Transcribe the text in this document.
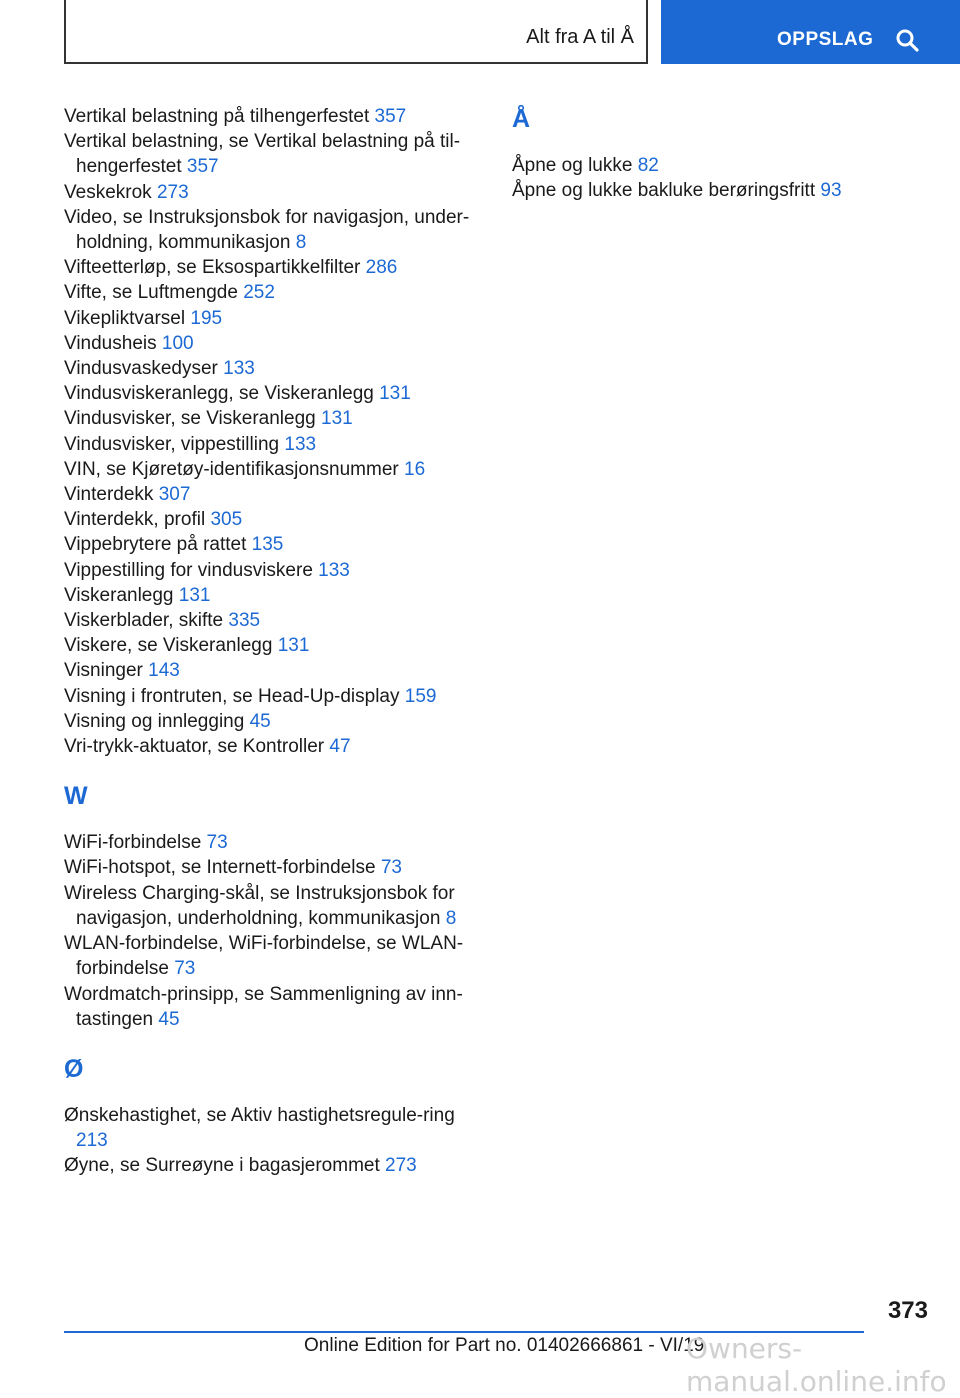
Alt fra A til Å	OPPSLAG
Vertikal belastning på tilhengerfestet 357
Vertikal belastning, se Vertikal belastning på til-hengerfestet 357
Veskekrok 273
Video, se Instruksjonsbok for navigasjon, under-holdning, kommunikasjon 8
Vifteetterløp, se Eksospartikkelfilter 286
Vifte, se Luftmengde 252
Vikepliktvarsel 195
Vindusheis 100
Vindusvaskedyser 133
Vindusviskeranlegg, se Viskeranlegg 131
Vindusvisker, se Viskeranlegg 131
Vindusvisker, vippestilling 133
VIN, se Kjøretøy-identifikasjonsnummer 16
Vinterdekk 307
Vinterdekk, profil 305
Vippebrytere på rattet 135
Vippestilling for vindusviskere 133
Viskeranlegg 131
Viskerblader, skifte 335
Viskere, se Viskeranlegg 131
Visninger 143
Visning i frontruten, se Head-Up-display 159
Visning og innlegging 45
Vri-trykk-aktuator, se Kontroller 47
W
WiFi-forbindelse 73
WiFi-hotspot, se Internett-forbindelse 73
Wireless Charging-skål, se Instruksjonsbok for navigasjon, underholdning, kommunikasjon 8
WLAN-forbindelse, WiFi-forbindelse, se WLAN-forbindelse 73
Wordmatch-prinsipp, se Sammenligning av inn-tastingen 45
Ø
Ønskehastighet, se Aktiv hastighetsregule-ring 213
Øyne, se Surreøyne i bagasjerommet 273
Å
Åpne og lukke 82
Åpne og lukke bakluke berøringsfritt 93
373
Online Edition for Part no. 01402666861 - VI/19
Owners-manual.online.info
